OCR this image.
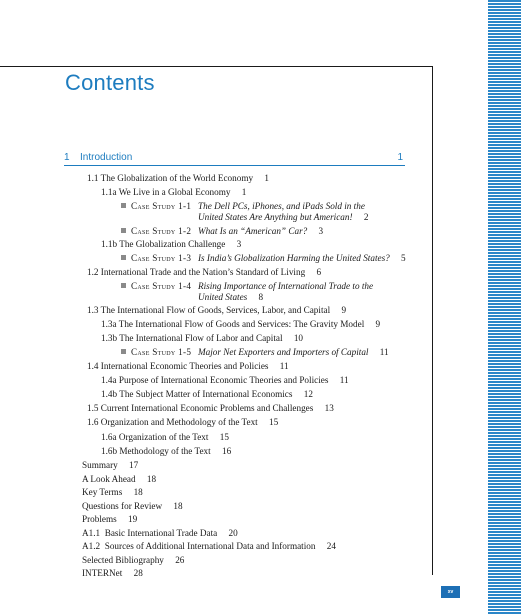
Contents
1 Introduction	1
1.1 The Globalization of the World Economy 1
1.1a We Live in a Global Economy 1
Case Study 1-1 The Dell PCs, iPhones, and iPads Sold in the
United States Are Anything but American! 2
Case Study 1-2 What Is an “American” Car? 3
1.1b The Globalization Challenge 3
Case Study 1-3 Is India’s Globalization Harming the United States? 5
1.2 International Trade and the Nation’s Standard of Living 6
Case Study 1-4 Rising Importance of International Trade to the
United States 8
1.3 The International Flow of Goods, Services, Labor, and Capital 9
1.3a The International Flow of Goods and Services: The Gravity Model 9
1.3b The International Flow of Labor and Capital 10
Case Study 1-5 Major Net Exporters and Importers of Capital 11
1.4 International Economic Theories and Policies 11
1.4a Purpose of International Economic Theories and Policies 11
1.4b The Subject Matter of International Economics 12
1.5 Current International Economic Problems and Challenges 13
1.6 Organization and Methodology of the Text 15
1.6a Organization of the Text 15
1.6b Methodology of the Text 16
Summary 17
A Look Ahead 18
Key Terms 18
Questions for Review 18
Problems 19
A1.1 Basic International Trade Data 20
A1.2 Sources of Additional International Data and Information 24
Selected Bibliography 26
INTERNet 28
xv
